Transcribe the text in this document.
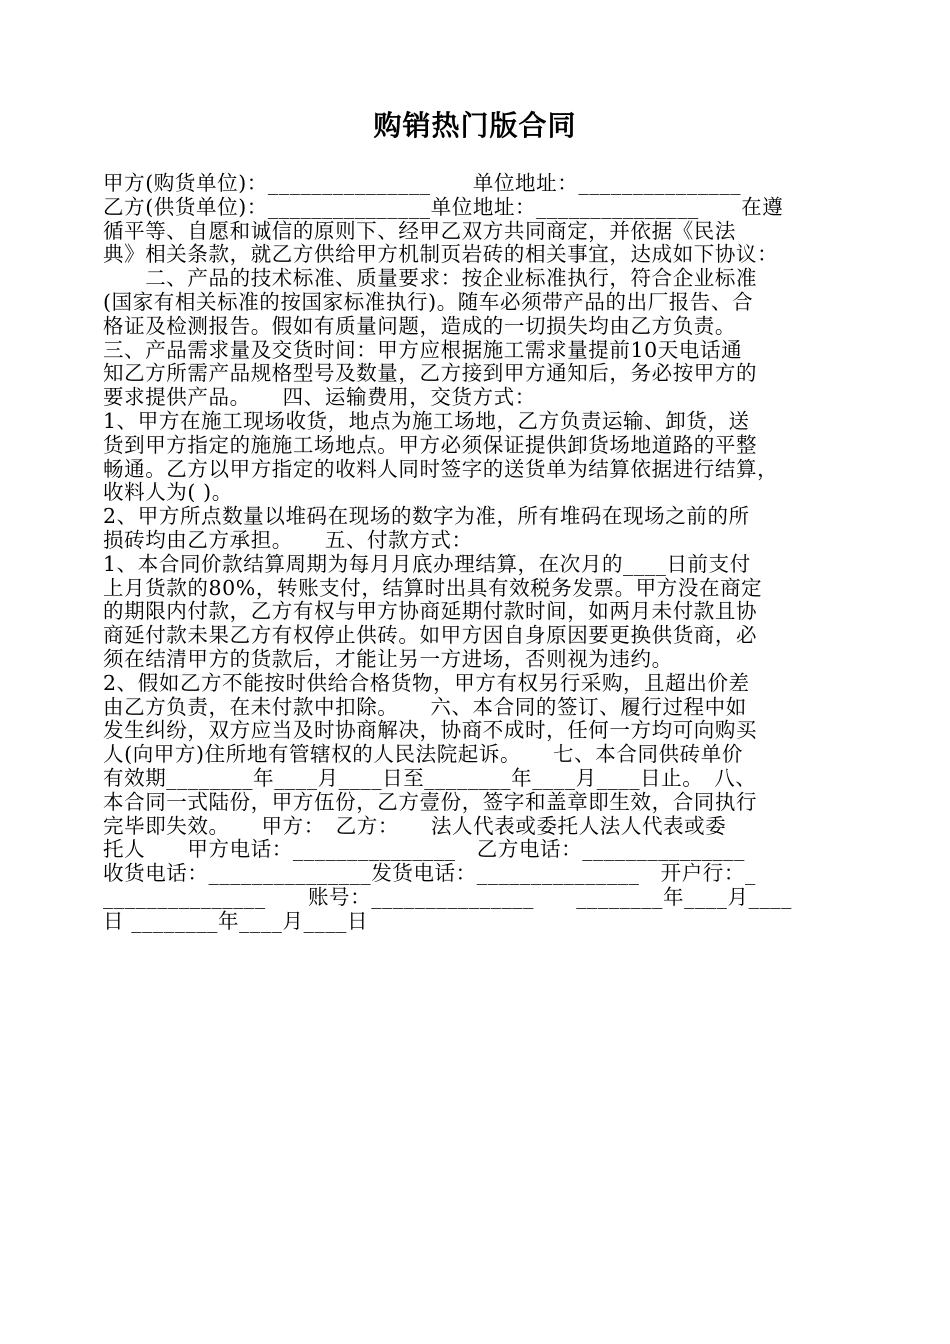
购销热门版合同
甲方(购货单位)：_______________　　单位地址：_______________
乙方(供货单位)：_______________单位地址：_______________　　在遵
循平等、自愿和诚信的原则下、经甲乙双方共同商定，并依据《民法
典》相关条款，就乙方供给甲方机制页岩砖的相关事宜，达成如下协议：
　　二、产品的技术标准、质量要求：按企业标准执行，符合企业标准
(国家有相关标准的按国家标准执行)。随车必须带产品的出厂报告、合
格证及检测报告。假如有质量问题，造成的一切损失均由乙方负责。
三、产品需求量及交货时间：甲方应根据施工需求量提前10天电话通
知乙方所需产品规格型号及数量，乙方接到甲方通知后，务必按甲方的
要求提供产品。　　四、运输费用，交货方式：
1、甲方在施工现场收货，地点为施工场地，乙方负责运输、卸货，送
货到甲方指定的施施工场地点。甲方必须保证提供卸货场地道路的平整
畅通。乙方以甲方指定的收料人同时签字的送货单为结算依据进行结算，
收料人为( )。
2、甲方所点数量以堆码在现场的数字为准，所有堆码在现场之前的所
损砖均由乙方承担。　　五、付款方式：
1、本合同价款结算周期为每月月底办理结算，在次月的____日前支付
上月货款的80%，转账支付，结算时出具有效税务发票。甲方没在商定
的期限内付款，乙方有权与甲方协商延期付款时间，如两月未付款且协
商延付款未果乙方有权停止供砖。如甲方因自身原因要更换供货商，必
须在结清甲方的货款后，才能让另一方进场，否则视为违约。
2、假如乙方不能按时供给合格货物，甲方有权另行采购，且超出价差
由乙方负责，在未付款中扣除。　　六、本合同的签订、履行过程中如
发生纠纷，双方应当及时协商解决，协商不成时，任何一方均可向购买
人(向甲方)住所地有管辖权的人民法院起诉。　　七、本合同供砖单价
有效期________年____月____日至________年____月____日止。　八、
本合同一式陆份，甲方伍份，乙方壹份，签字和盖章即生效，合同执行
完毕即失效。　　甲方：　乙方：　　法人代表或委托人法人代表或委
托人　　甲方电话：_______________　乙方电话：_______________
收货电话：_______________发货电话：_______________　开户行：_
_______________　　账号：_______________　　________年____月____
日 ________年____月____日
